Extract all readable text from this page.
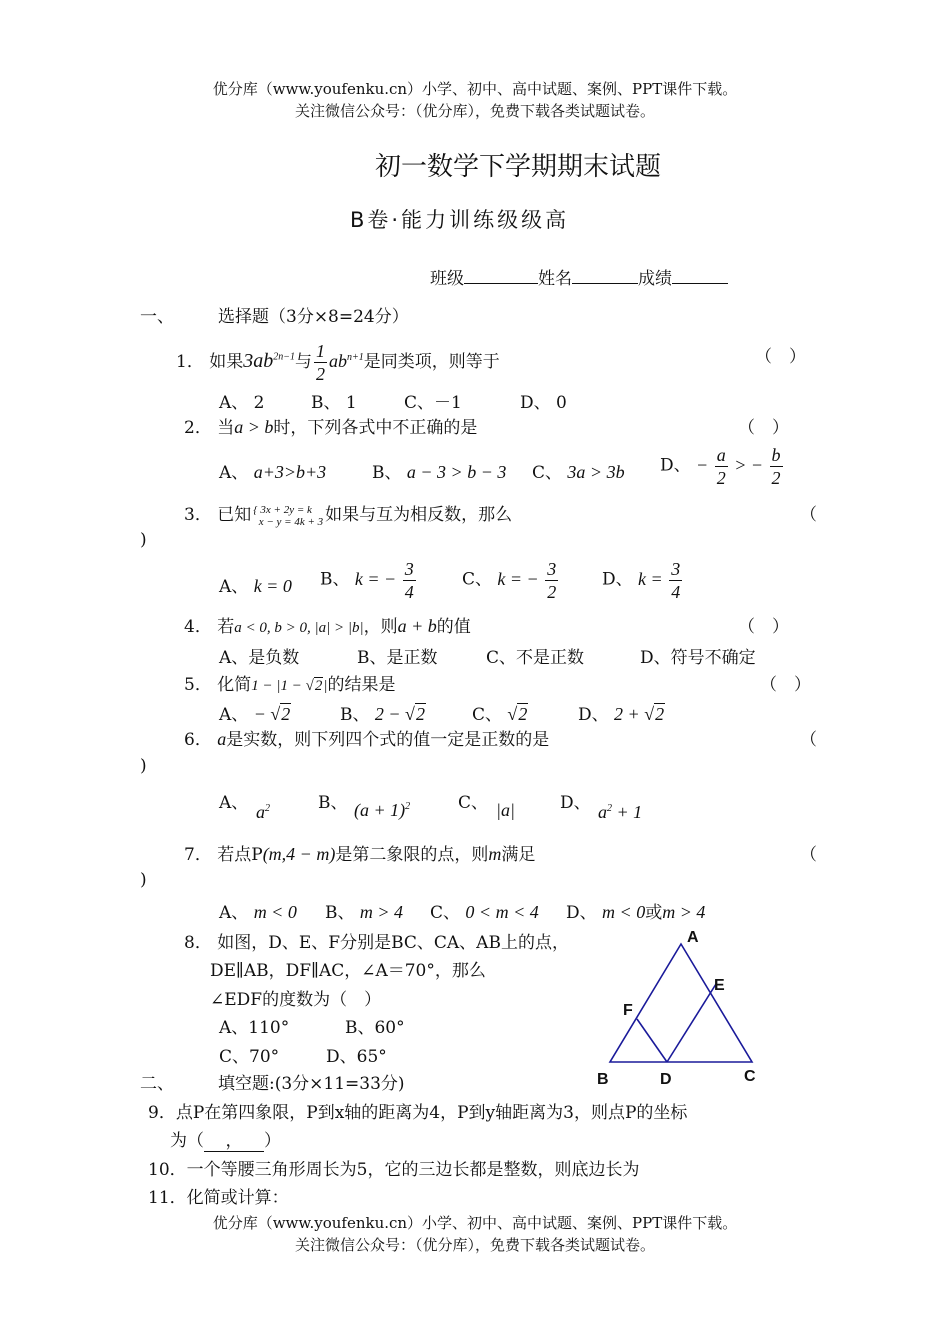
优分库（www.youfenku.cn）小学、初中、高中试题、案例、PPT课件下载。
关注微信公众号：（优分库），免费下载各类试题试卷。
初一数学下学期期末试题
B卷·能力训练级级高
班级	姓名	成绩
一、	选择题（3分×8=24分）
1． 如果$3ab^{2n-1}$与 $\frac{1}{2} ab^{n+1}$是同类项，则等于	（　）
A、 2	B、 1	C、－1	D、 0
2． 当a > b时，下列各式中不正确的是	（　）
A、 a+3>b+3	B、 a − 3 > b − 3 C、 3a > 3b D、 − $\frac{a}{2}$ > − $\frac{b}{2}$
3． 已知 { 3x + 2y = k
x − y = 4k + 3 如果与互为相反数，那么	（
)
A、 k = 0 B、 k = − $\frac{3}{4}$	C、 k = − $\frac{3}{2}$	D、 $k = \frac{3}{4}$
4． 若a < 0, b > 0, |a| > |b|，则a + b的值	（　）
A、是负数	B、是正数	C、不是正数	D、符号不确定
5． 化简1 − |1 − √2|的结果是	（　）
A、 − √2	B、 2 − √2	C、 √2	D、 2 + √2
6． a是实数，则下列四个式的值一定是正数的是	（
)
A、 $a^2$	B、 $(a + 1)^2$	C、 |a|	D、 $a^2 + 1$
7． 若点P(m,4 − m)是第二象限的点，则m满足	（
)
A、 m < 0 B、 m > 4 C、 0 < m < 4 D、 m < 0或m > 4
8． 如图，D、E、F分别是BC、CA、AB上的点，
DE∥AB，DF∥AC，∠A＝70°，那么
∠EDF的度数为（　）
A、110°	B、60°
C、70°	D、65°
A
B	C
D
E
F
二、	填空题:(3分×11=33分)
9．点P在第四象限，P到x轴的距离为4，P到y轴距离为3，则点P的坐标
为（ ， ）
10．一个等腰三角形周长为5，它的三边长都是整数，则底边长为
11．化简或计算：
优分库（www.youfenku.cn）小学、初中、高中试题、案例、PPT课件下载。
关注微信公众号：（优分库），免费下载各类试题试卷。
